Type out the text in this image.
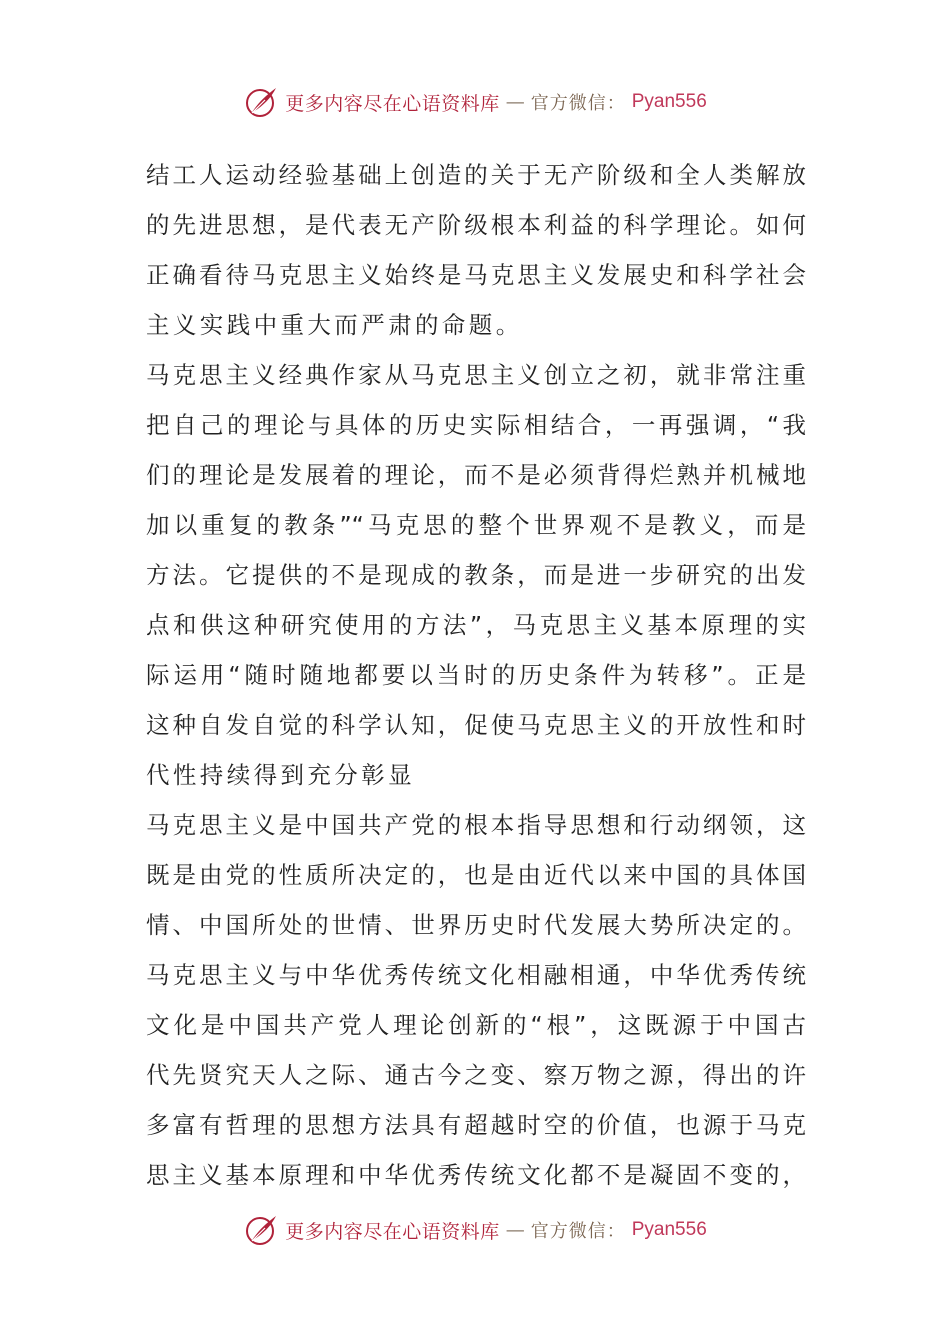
更多内容尽在心语资料库 — 官方微信： Pyan556
结工人运动经验基础上创造的关于无产阶级和全人类解放
的先进思想，是代表无产阶级根本利益的科学理论。如何
正确看待马克思主义始终是马克思主义发展史和科学社会
主义实践中重大而严肃的命题。
马克思主义经典作家从马克思主义创立之初，就非常注重
把自己的理论与具体的历史实际相结合，一再强调，“我
们的理论是发展着的理论，而不是必须背得烂熟并机械地
加以重复的教条”“马克思的整个世界观不是教义，而是
方法。它提供的不是现成的教条，而是进一步研究的出发
点和供这种研究使用的方法”，马克思主义基本原理的实
际运用“随时随地都要以当时的历史条件为转移”。正是
这种自发自觉的科学认知，促使马克思主义的开放性和时
代性持续得到充分彰显
马克思主义是中国共产党的根本指导思想和行动纲领，这
既是由党的性质所决定的，也是由近代以来中国的具体国
情、中国所处的世情、世界历史时代发展大势所决定的。
马克思主义与中华优秀传统文化相融相通，中华优秀传统
文化是中国共产党人理论创新的“根”，这既源于中国古
代先贤究天人之际、通古今之变、察万物之源，得出的许
多富有哲理的思想方法具有超越时空的价值，也源于马克
思主义基本原理和中华优秀传统文化都不是凝固不变的，
更多内容尽在心语资料库 — 官方微信： Pyan556
